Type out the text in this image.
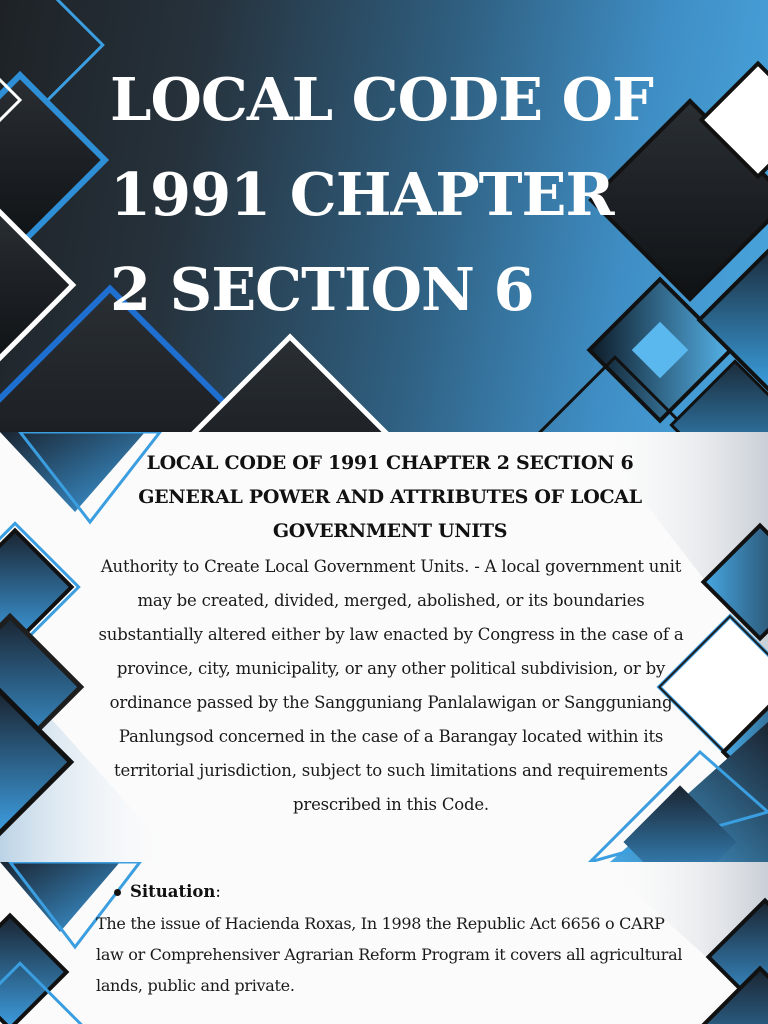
LOCAL CODE OF 1991 CHAPTER 2 SECTION 6
LOCAL CODE OF 1991 CHAPTER 2 SECTION 6 GENERAL POWER AND ATTRIBUTES OF LOCAL GOVERNMENT UNITS

Authority to Create Local Government Units. - A local government unit may be created, divided, merged, abolished, or its boundaries substantially altered either by law enacted by Congress in the case of a province, city, municipality, or any other political subdivision, or by ordinance passed by the Sangguniang Panlalawigan or Sangguniang Panlungsod concerned in the case of a Barangay located within its territorial jurisdiction, subject to such limitations and requirements prescribed in this Code.

Situation:

The the issue of Hacienda Roxas, In 1998 the Republic Act 6656 o CARP law or Comprehensiver Agrarian Reform Program it covers all agricultural lands, public and private.
